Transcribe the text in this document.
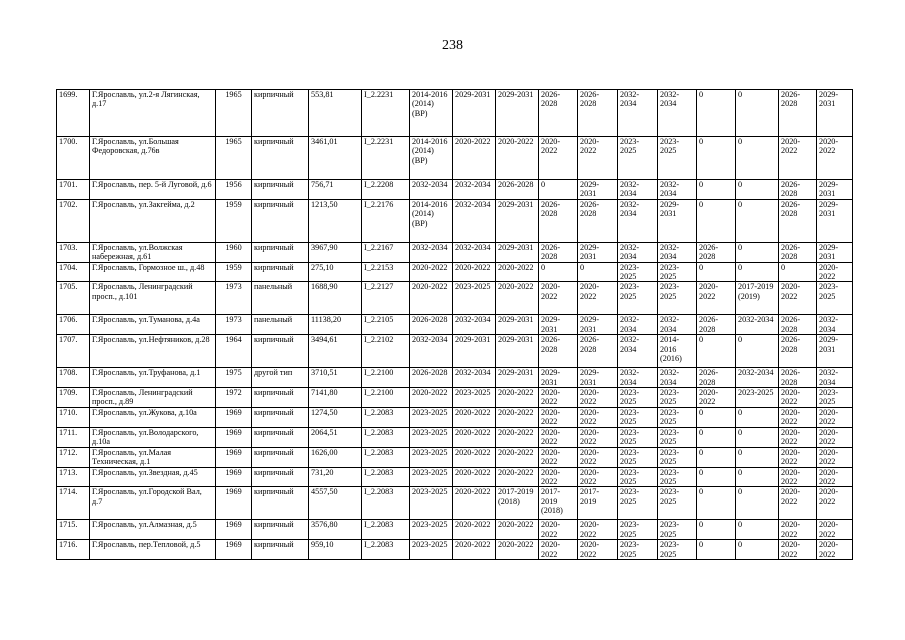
238
1699.	Г.Ярославль, ул.2-я Лягинская, д.17	1965	кирпичный	553,81	I_2.2231	2014-2016 (2014) (ВР)	2029-2031	2029-2031	2026-2028	2026-2028	2032-2034	2032-2034	0	0	2026-2028	2029-2031
1700.	Г.Ярославль, ул.Большая Федоровская, д.76в	1965	кирпичный	3461,01	I_2.2231	2014-2016 (2014) (ВР)	2020-2022	2020-2022	2020-2022	2020-2022	2023-2025	2023-2025	0	0	2020-2022	2020-2022
1701.	Г.Ярославль, пер. 5-й Луговой, д.6	1956	кирпичный	756,71	I_2.2208	2032-2034	2032-2034	2026-2028	0	2029-2031	2032-2034	2032-2034	0	0	2026-2028	2029-2031
1702.	Г.Ярославль, ул.Закгейма, д.2	1959	кирпичный	1213,50	I_2.2176	2014-2016 (2014) (ВР)	2032-2034	2029-2031	2026-2028	2026-2028	2032-2034	2029-2031	0	0	2026-2028	2029-2031
1703.	Г.Ярославль, ул.Волжская набережная, д.61	1960	кирпичный	3967,90	I_2.2167	2032-2034	2032-2034	2029-2031	2026-2028	2029-2031	2032-2034	2032-2034	2026-2028	0	2026-2028	2029-2031
1704.	Г.Ярославль, Гормозное ш., д.48	1959	кирпичный	275,10	I_2.2153	2020-2022	2020-2022	2020-2022	0	0	2023-2025	2023-2025	0	0	0	2020-2022
1705.	Г.Ярославль, Ленинградский просп., д.101	1973	панельный	1688,90	I_2.2127	2020-2022	2023-2025	2020-2022	2020-2022	2020-2022	2023-2025	2023-2025	2020-2022	2017-2019 (2019)	2020-2022	2023-2025
1706.	Г.Ярославль, ул.Туманова, д.4а	1973	панельный	11138,20	I_2.2105	2026-2028	2032-2034	2029-2031	2029-2031	2029-2031	2032-2034	2032-2034	2026-2028	2032-2034	2026-2028	2032-2034
1707.	Г.Ярославль, ул.Нефтяников, д.28	1964	кирпичный	3494,61	I_2.2102	2032-2034	2029-2031	2029-2031	2026-2028	2026-2028	2032-2034	2014-2016 (2016)	0	0	2026-2028	2029-2031
1708.	Г.Ярославль, ул.Труфанова, д.1	1975	другой тип	3710,51	I_2.2100	2026-2028	2032-2034	2029-2031	2029-2031	2029-2031	2032-2034	2032-2034	2026-2028	2032-2034	2026-2028	2032-2034
1709.	Г.Ярославль, Ленинградский просп., д.89	1972	кирпичный	7141,80	I_2.2100	2020-2022	2023-2025	2020-2022	2020-2022	2020-2022	2023-2025	2023-2025	2020-2022	2023-2025	2020-2022	2023-2025
1710.	Г.Ярославль, ул.Жукова, д.10а	1969	кирпичный	1274,50	I_2.2083	2023-2025	2020-2022	2020-2022	2020-2022	2020-2022	2023-2025	2023-2025	0	0	2020-2022	2020-2022
1711.	Г.Ярославль, ул.Володарского, д.10а	1969	кирпичный	2064,51	I_2.2083	2023-2025	2020-2022	2020-2022	2020-2022	2020-2022	2023-2025	2023-2025	0	0	2020-2022	2020-2022
1712.	Г.Ярославль, ул.Малая Техническая, д.1	1969	кирпичный	1626,00	I_2.2083	2023-2025	2020-2022	2020-2022	2020-2022	2020-2022	2023-2025	2023-2025	0	0	2020-2022	2020-2022
1713.	Г.Ярославль, ул.Звездная, д.45	1969	кирпичный	731,20	I_2.2083	2023-2025	2020-2022	2020-2022	2020-2022	2020-2022	2023-2025	2023-2025	0	0	2020-2022	2020-2022
1714.	Г.Ярославль, ул.Городской Вал, д.7	1969	кирпичный	4557,50	I_2.2083	2023-2025	2020-2022	2017-2019 (2018)	2017-2019 (2018)	2017-2019	2023-2025	2023-2025	0	0	2020-2022	2020-2022
1715.	Г.Ярославль, ул.Алмазная, д.5	1969	кирпичный	3576,80	I_2.2083	2023-2025	2020-2022	2020-2022	2020-2022	2020-2022	2023-2025	2023-2025	0	0	2020-2022	2020-2022
1716.	Г.Ярославль, пер.Тепловой, д.5	1969	кирпичный	959,10	I_2.2083	2023-2025	2020-2022	2020-2022	2020-2022	2020-2022	2023-2025	2023-2025	0	0	2020-2022	2020-2022
